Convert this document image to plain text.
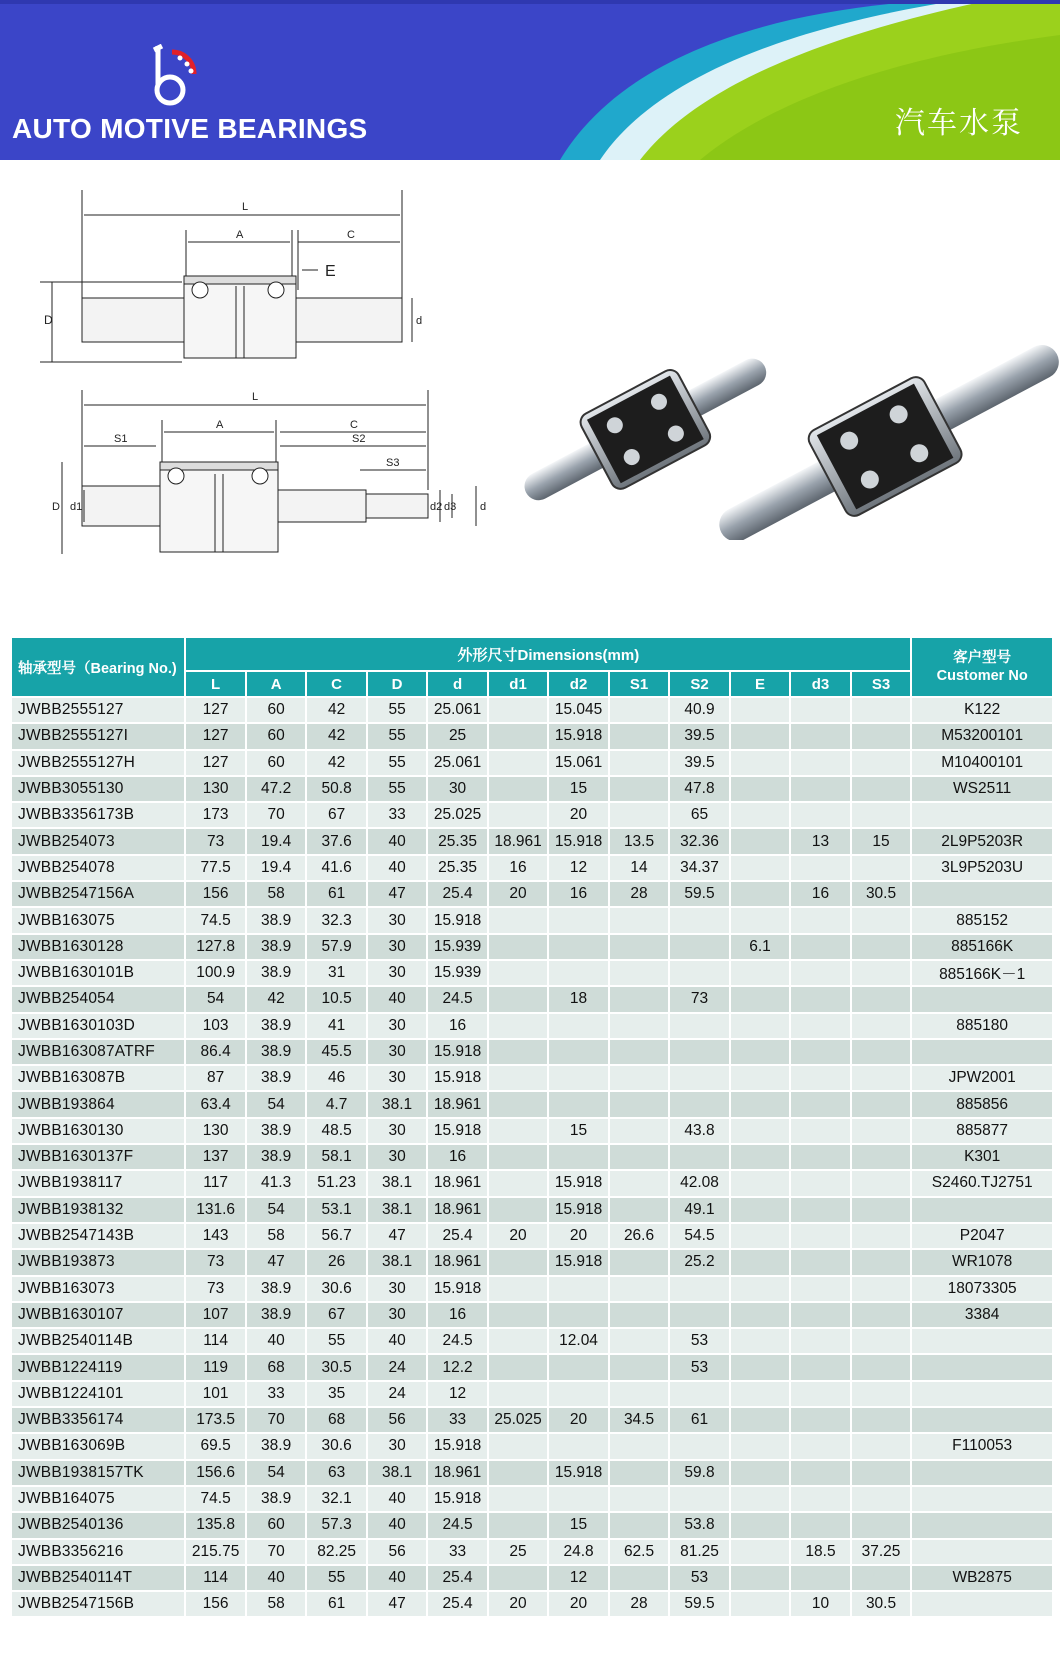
AUTO MOTIVE BEARINGS	汽车水泵
L
A	C
E
D	d
L
A	C
S1	S2
S3
D d1	d2 d3 d
轴承型号（Bearing No.)	外形尺寸Dimensions(mm)												客户型号
Customer No

	L	A	C	D	d	d1	d2	S1	S2	E	d3	S3	
JWBB2555127	127	60	42	55	25.061		15.045		40.9				K122
JWBB2555127I	127	60	42	55	25		15.918		39.5				M53200101
JWBB2555127H	127	60	42	55	25.061		15.061		39.5				M10400101
JWBB3055130	130	47.2	50.8	55	30		15		47.8				WS2511
JWBB3356173B	173	70	67	33	25.025		20		65				
JWBB254073	73	19.4	37.6	40	25.35	18.961	15.918	13.5	32.36		13	15	2L9P5203R
JWBB254078	77.5	19.4	41.6	40	25.35	16	12	14	34.37				3L9P5203U
JWBB2547156A	156	58	61	47	25.4	20	16	28	59.5		16	30.5	
JWBB163075	74.5	38.9	32.3	30	15.918								885152
JWBB1630128	127.8	38.9	57.9	30	15.939					6.1			885166K
JWBB1630101B	100.9	38.9	31	30	15.939								885166K－1
JWBB254054	54	42	10.5	40	24.5		18		73				
JWBB1630103D	103	38.9	41	30	16								885180
JWBB163087ATRF	86.4	38.9	45.5	30	15.918								
JWBB163087B	87	38.9	46	30	15.918								JPW2001
JWBB193864	63.4	54	4.7	38.1	18.961								885856
JWBB1630130	130	38.9	48.5	30	15.918		15		43.8				885877
JWBB1630137F	137	38.9	58.1	30	16								K301
JWBB1938117	117	41.3	51.23	38.1	18.961		15.918		42.08				S2460.TJ2751
JWBB1938132	131.6	54	53.1	38.1	18.961		15.918		49.1				
JWBB2547143B	143	58	56.7	47	25.4	20	20	26.6	54.5				P2047
JWBB193873	73	47	26	38.1	18.961		15.918		25.2				WR1078
JWBB163073	73	38.9	30.6	30	15.918								18073305
JWBB1630107	107	38.9	67	30	16								3384
JWBB2540114B	114	40	55	40	24.5		12.04		53				
JWBB1224119	119	68	30.5	24	12.2				53				
JWBB1224101	101	33	35	24	12								
JWBB3356174	173.5	70	68	56	33	25.025	20	34.5	61				
JWBB163069B	69.5	38.9	30.6	30	15.918								F110053
JWBB1938157TK	156.6	54	63	38.1	18.961		15.918		59.8				
JWBB164075	74.5	38.9	32.1	40	15.918								
JWBB2540136	135.8	60	57.3	40	24.5		15		53.8				
JWBB3356216	215.75	70	82.25	56	33	25	24.8	62.5	81.25		18.5	37.25	
JWBB2540114T	114	40	55	40	25.4		12		53				WB2875
JWBB2547156B	156	58	61	47	25.4	20	20	28	59.5		10	30.5	
